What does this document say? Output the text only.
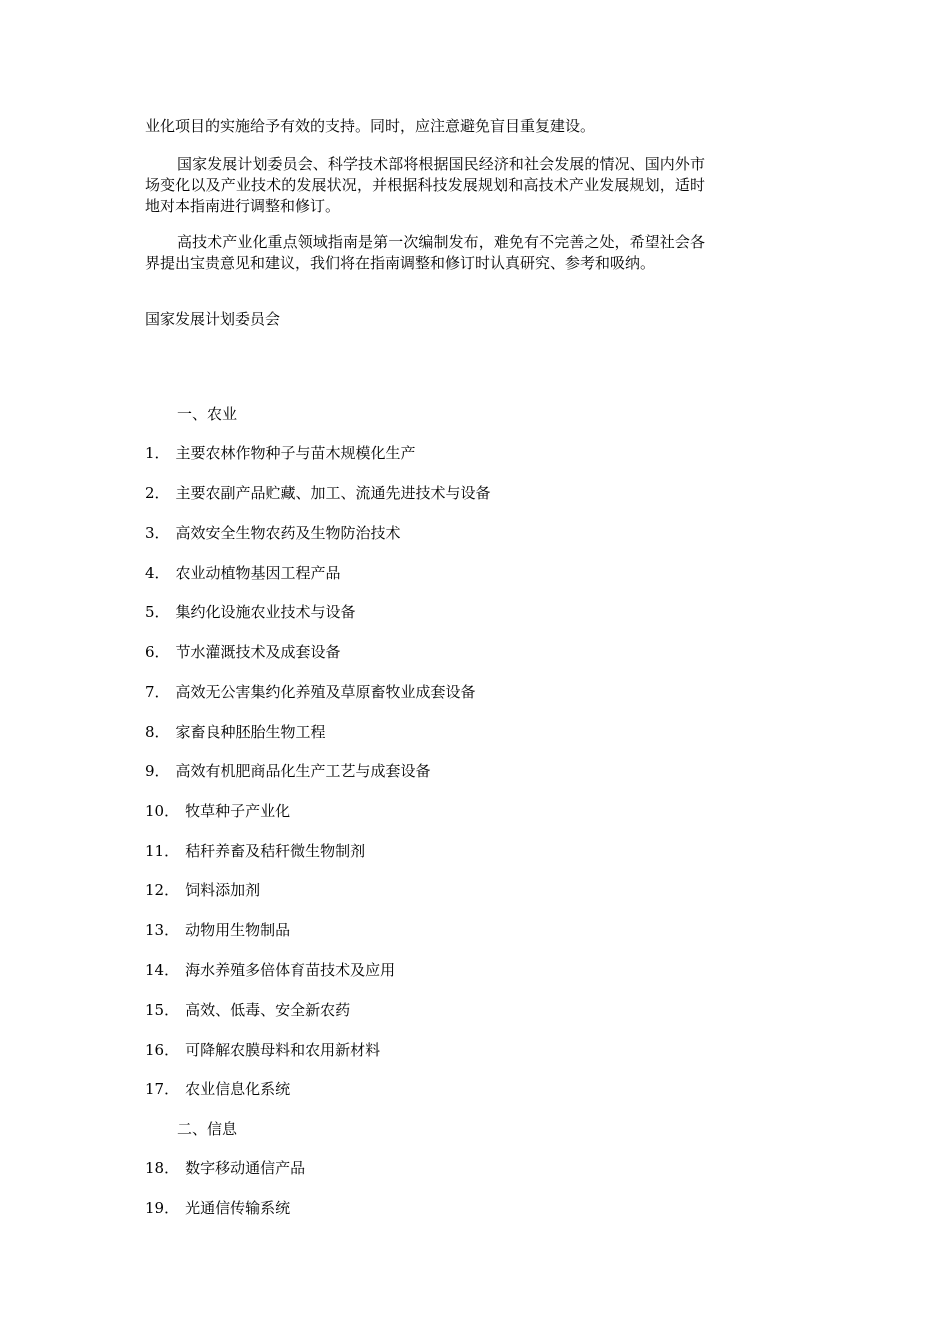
业化项目的实施给予有效的支持。同时，应注意避免盲目重复建设。

国家发展计划委员会、科学技术部将根据国民经济和社会发展的情况、国内外市场变化以及产业技术的发展状况，并根据科技发展规划和高技术产业发展规划，适时地对本指南进行调整和修订。

高技术产业化重点领域指南是第一次编制发布，难免有不完善之处，希望社会各界提出宝贵意见和建议，我们将在指南调整和修订时认真研究、参考和吸纳。

国家发展计划委员会

一、农业

1． 主要农林作物种子与苗木规模化生产

2． 主要农副产品贮藏、加工、流通先进技术与设备

3． 高效安全生物农药及生物防治技术

4． 农业动植物基因工程产品

5． 集约化设施农业技术与设备

6． 节水灌溉技术及成套设备

7． 高效无公害集约化养殖及草原畜牧业成套设备

8． 家畜良种胚胎生物工程

9． 高效有机肥商品化生产工艺与成套设备

10． 牧草种子产业化

11． 秸秆养畜及秸秆微生物制剂

12． 饲料添加剂

13． 动物用生物制品

14． 海水养殖多倍体育苗技术及应用

15． 高效、低毒、安全新农药

16． 可降解农膜母料和农用新材料

17． 农业信息化系统

二、信息

18． 数字移动通信产品

19． 光通信传输系统
